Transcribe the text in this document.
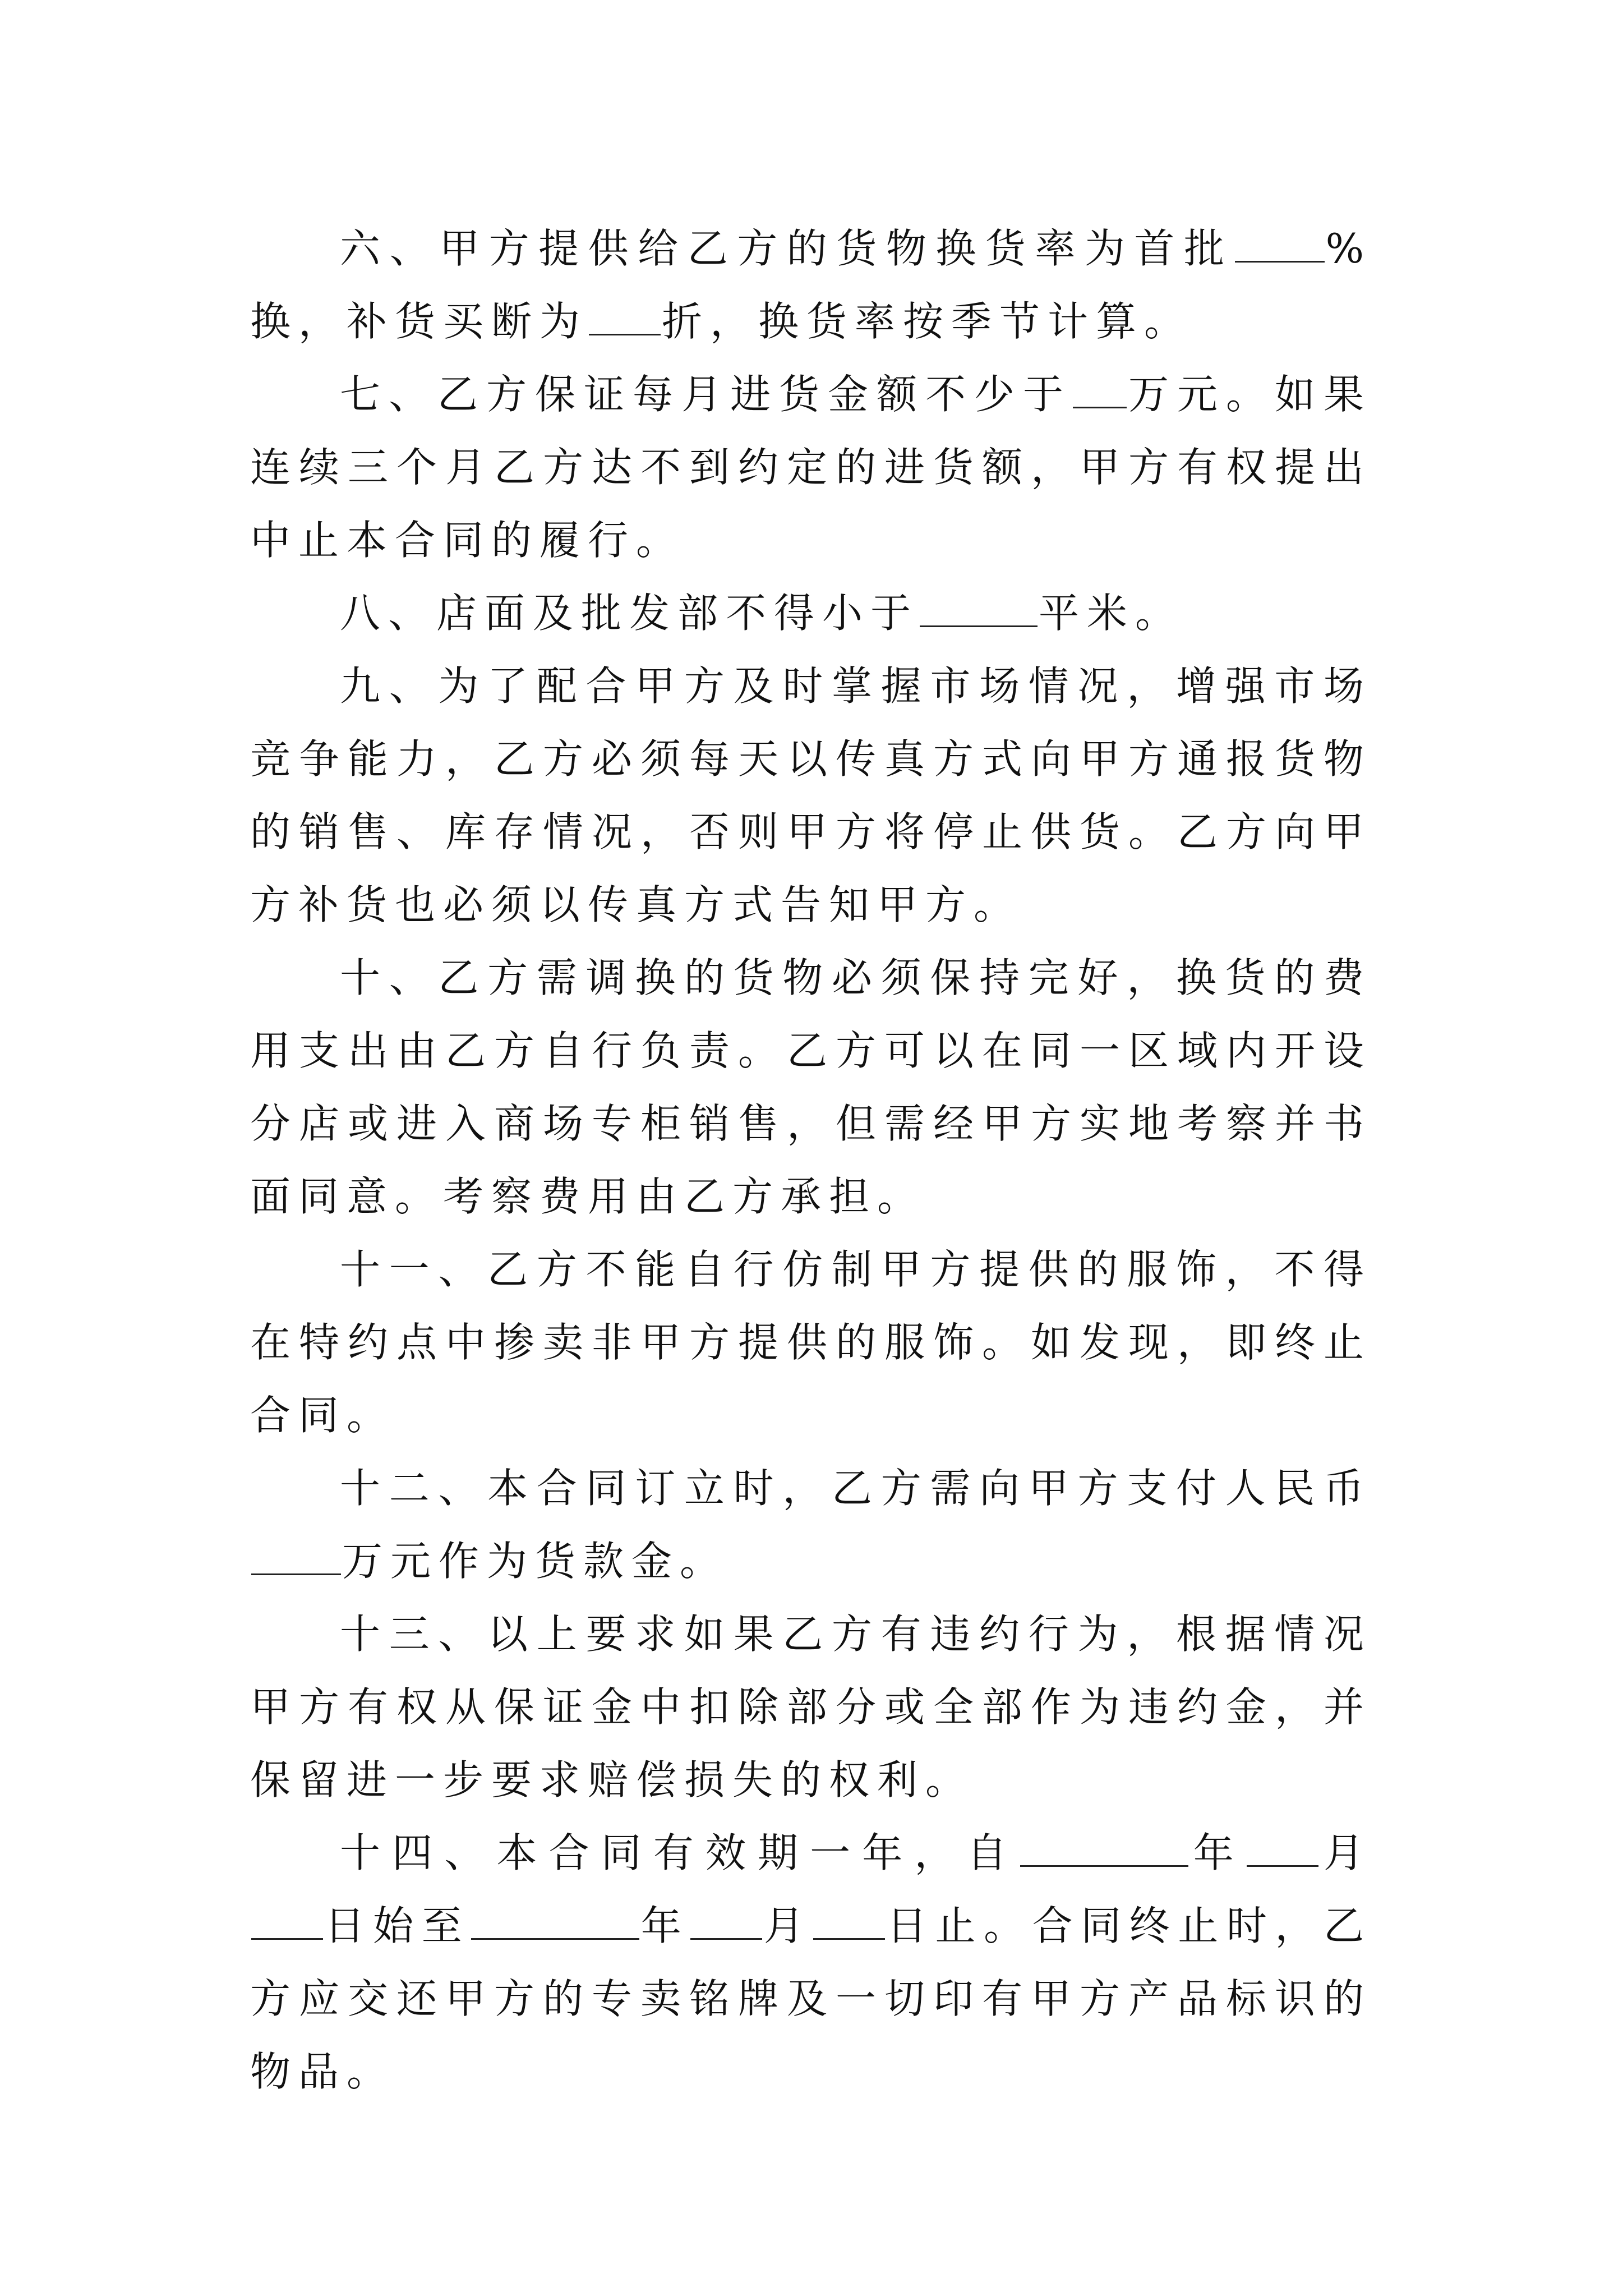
六、甲方提供给乙方的货物换货率为首批 %换，补货买断为 折，换货率按季节计算。

七、乙方保证每月进货金额不少于 万元。如果连续三个月乙方达不到约定的进货额，甲方有权提出中止本合同的履行。

八、店面及批发部不得小于	平米。

九、为了配合甲方及时掌握市场情况，增强市场竞争能力，乙方必须每天以传真方式向甲方通报货物的销售、库存情况，否则甲方将停止供货。乙方向甲方补货也必须以传真方式告知甲方。

十、乙方需调换的货物必须保持完好，换货的费用支出由乙方自行负责。乙方可以在同一区域内开设分店或进入商场专柜销售，但需经甲方实地考察并书面同意。考察费用由乙方承担。

十一、乙方不能自行仿制甲方提供的服饰，不得在特约点中掺卖非甲方提供的服饰。如发现，即终止合同。

十二、本合同订立时，乙方需向甲方支付人民币万元作为货款金。

十三、以上要求如果乙方有违约行为，根据情况甲方有权从保证金中扣除部分或全部作为违约金，并保留进一步要求赔偿损失的权利。

十四、本合同有效期一年，自	年 月日始至	年 月 日止。合同终止时，乙方应交还甲方的专卖铭牌及一切印有甲方产品标识的物品。
